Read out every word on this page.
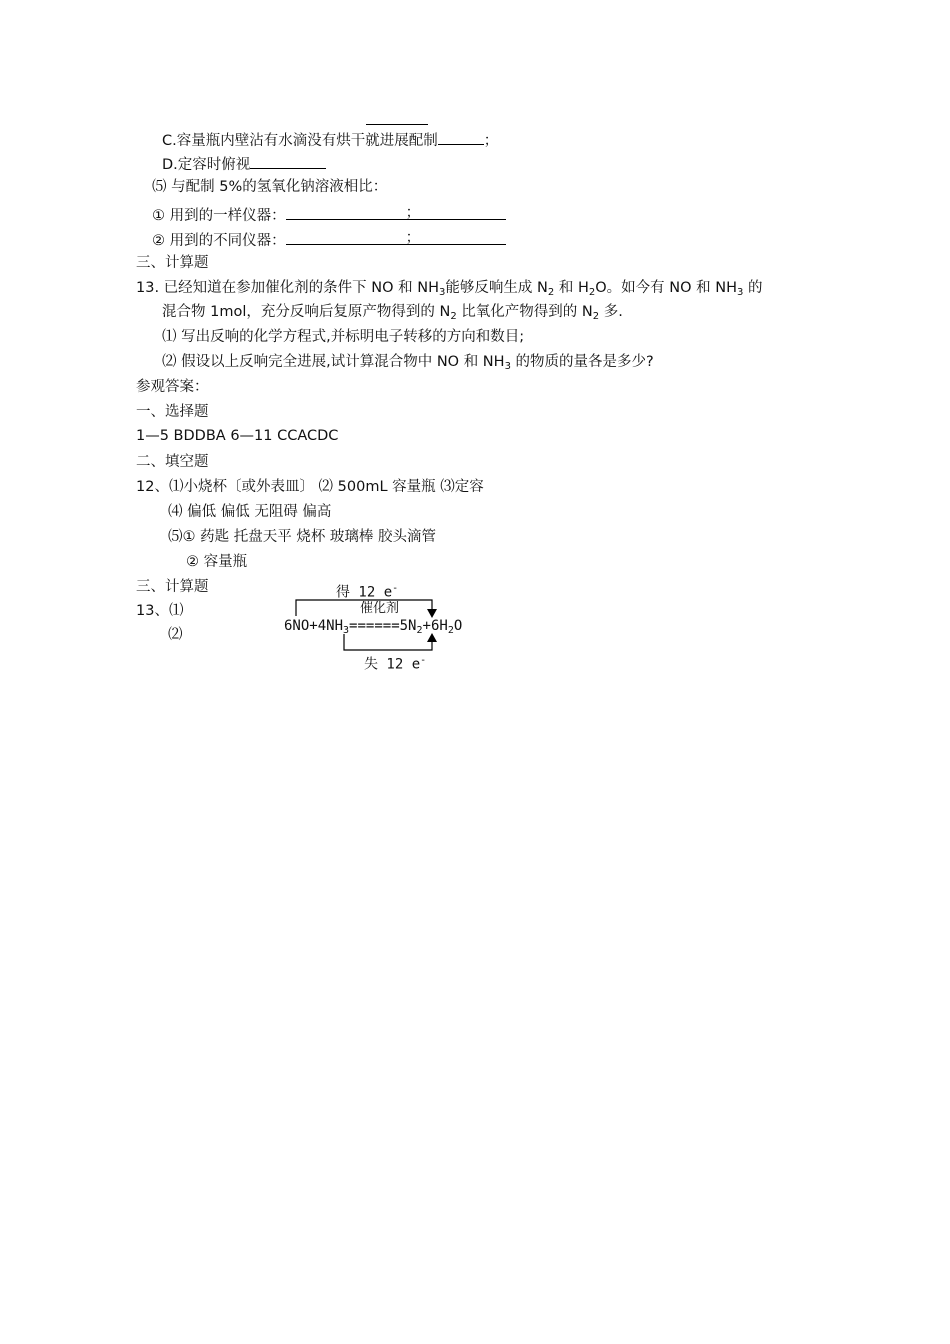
C.容量瓶内壁沾有水滴没有烘干就进展配制	；
D.定容时俯视
⑸ 与配制 5%的氢氧化钠溶液相比：
① 用到的一样仪器：	；
② 用到的不同仪器：	；
三、计算题
13. 已经知道在参加催化剂的条件下 NO 和 $NH_3$能够反响生成 $N_2$ 和 $H_2O$。如今有 NO 和 $NH_3$ 的
混合物 1mol，充分反响后复原产物得到的 $N_2$ 比氧化产物得到的 $N_2$ 多.
⑴ 写出反响的化学方程式,并标明电子转移的方向和数目;
⑵ 假设以上反响完全进展,试计算混合物中 NO 和 $NH_3$ 的物质的量各是多少?
参观答案：
一、选择题
1—5 BDDBA 6—11 CCACDC
二、填空题
12、⑴小烧杯〔或外表皿〕 ⑵ 500mL 容量瓶 ⑶定容
⑷ 偏低 偏低 无阻碍 偏高
⑸① 药匙 托盘天平 烧杯 玻璃棒 胶头滴管
② 容量瓶
三、计算题
13、⑴
⑵
得 12 e-
催化剂
$6NO+4NH_3======5N_2+6H_2O$
失 12 e-
